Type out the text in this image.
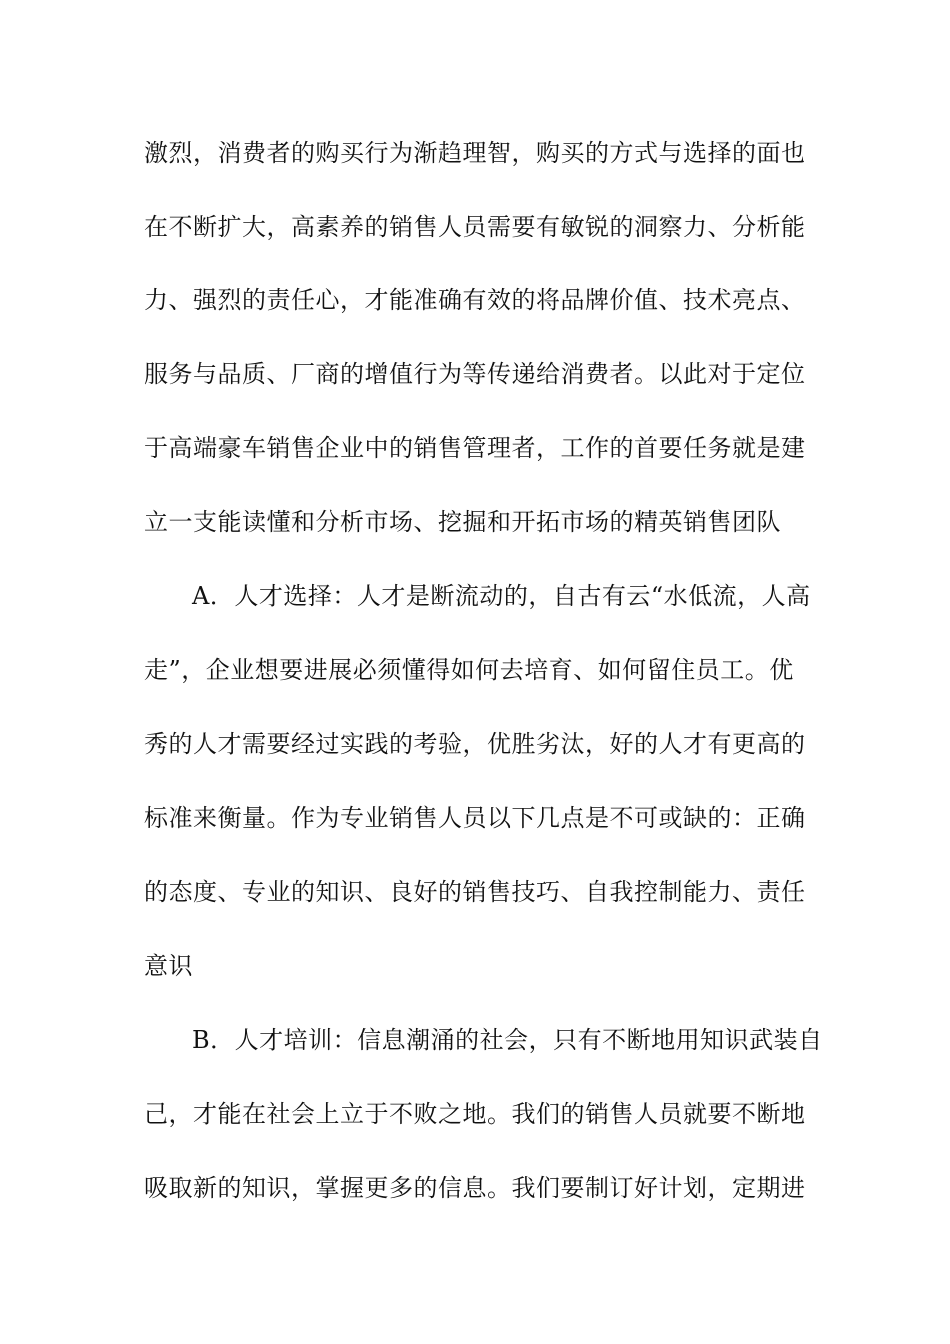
激烈，消费者的购买行为渐趋理智，购买的方式与选择的面也
在不断扩大，高素养的销售人员需要有敏锐的洞察力、分析能
力、强烈的责任心，才能准确有效的将品牌价值、技术亮点、
服务与品质、厂商的增值行为等传递给消费者。以此对于定位
于高端豪车销售企业中的销售管理者，工作的首要任务就是建
立一支能读懂和分析市场、挖掘和开拓市场的精英销售团队
A．人才选择：人才是断流动的，自古有云“水低流，人高
走”，企业想要进展必须懂得如何去培育、如何留住员工。优
秀的人才需要经过实践的考验，优胜劣汰，好的人才有更高的
标准来衡量。作为专业销售人员以下几点是不可或缺的：正确
的态度、专业的知识、良好的销售技巧、自我控制能力、责任
意识
B．人才培训：信息潮涌的社会，只有不断地用知识武装自
己，才能在社会上立于不败之地。我们的销售人员就要不断地
吸取新的知识，掌握更多的信息。我们要制订好计划，定期进
